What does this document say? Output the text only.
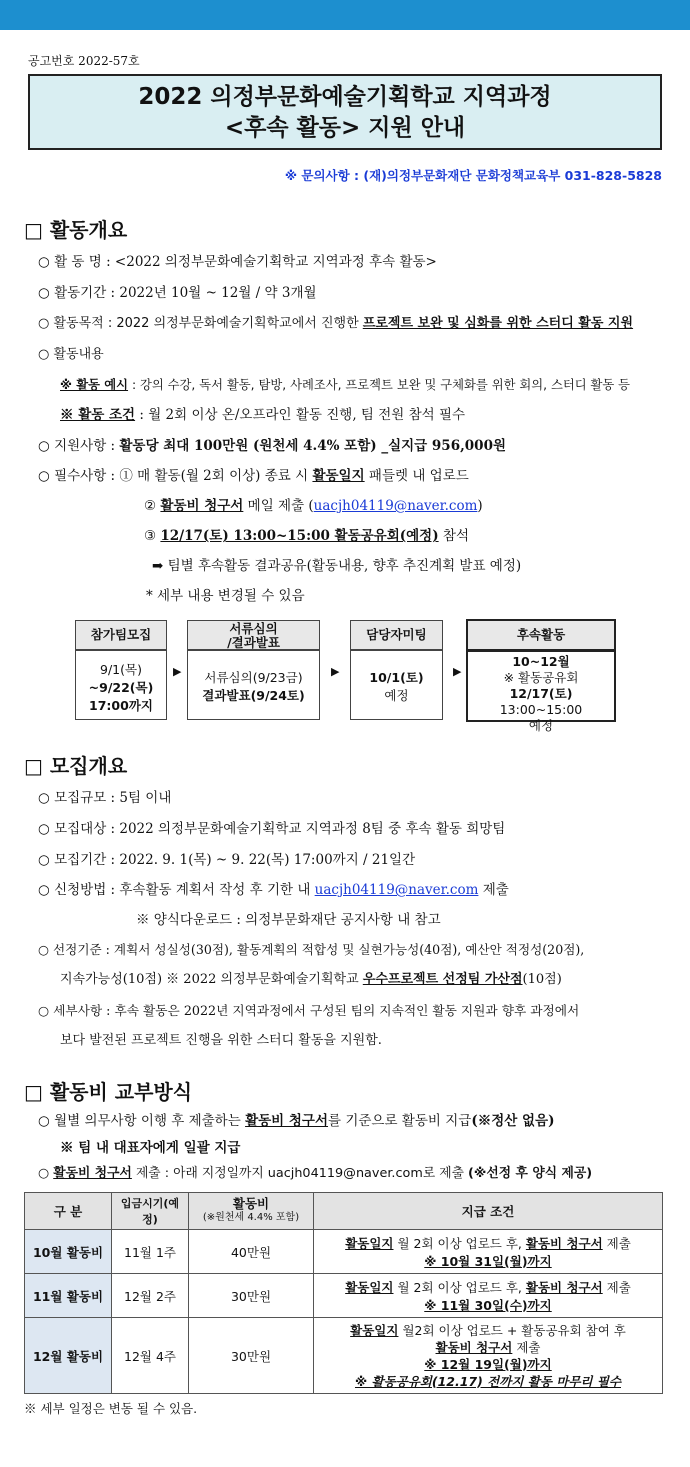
공고번호 2022-57호
2022 의정부문화예술기획학교 지역과정
<후속 활동> 지원 안내
※ 문의사항 : (재)의정부문화재단 문화정책교육부 031-828-5828
□ 활동개요
○ 활 동 명 : <2022 의정부문화예술기획학교 지역과정 후속 활동>
○ 활동기간 : 2022년 10월 ~ 12월 / 약 3개월
○ 활동목적 : 2022 의정부문화예술기획학교에서 진행한 프로젝트 보완 및 심화를 위한 스터디 활동 지원
○ 활동내용
※ 활동 예시 : 강의 수강, 독서 활동, 탐방, 사례조사, 프로젝트 보완 및 구체화를 위한 회의, 스터디 활동 등
※ 활동 조건 : 월 2회 이상 온/오프라인 활동 진행, 팀 전원 참석 필수
○ 지원사항 : 활동당 최대 100만원 (원천세 4.4% 포함) _실지급 956,000원
○ 필수사항 : ① 매 활동(월 2회 이상) 종료 시 활동일지 패들렛 내 업로드
② 활동비 청구서 메일 제출 (uacjh04119@naver.com)
③ 12/17(토) 13:00~15:00 활동공유회(예정) 참석
➡ 팀별 후속활동 결과공유(활동내용, 향후 추진계획 발표 예정)
* 세부 내용 변경될 수 있음
참가팀모집
9/1(목)
~9/22(목)
17:00까지
▶
서류심의
/결과발표
서류심의(9/23금)
결과발표(9/24토)
▶
담당자미팅
10/1(토)
예정
▶
후속활동
10~12월
※ 활동공유회
12/17(토) 13:00~15:00
예정
□ 모집개요
○ 모집규모 : 5팀 이내
○ 모집대상 : 2022 의정부문화예술기획학교 지역과정 8팀 중 후속 활동 희망팀
○ 모집기간 : 2022. 9. 1(목) ~ 9. 22(목) 17:00까지 / 21일간
○ 신청방법 : 후속활동 계획서 작성 후 기한 내 uacjh04119@naver.com 제출
※ 양식다운로드 : 의정부문화재단 공지사항 내 참고
○ 선정기준 : 계획서 성실성(30점), 활동계획의 적합성 및 실현가능성(40점), 예산안 적정성(20점),
지속가능성(10점) ※ 2022 의정부문화예술기획학교 우수프로젝트 선정팀 가산점(10점)
○ 세부사항 : 후속 활동은 2022년 지역과정에서 구성된 팀의 지속적인 활동 지원과 향후 과정에서
보다 발전된 프로젝트 진행을 위한 스터디 활동을 지원함.
□ 활동비 교부방식
○ 월별 의무사항 이행 후 제출하는 활동비 청구서를 기준으로 활동비 지급(※정산 없음)
※ 팀 내 대표자에게 일괄 지급
○ 활동비 청구서 제출 : 아래 지정일까지 uacjh04119@naver.com로 제출 (※선정 후 양식 제공)
구 분	입금시기(예정)	활동비
(※원천세 4.4% 포함)	지급 조건
10월 활동비	11월 1주	40만원	활동일지 월 2회 이상 업로드 후, 활동비 청구서 제출
※ 10월 31일(월)까지

11월 활동비	12월 2주	30만원	활동일지 월 2회 이상 업로드 후, 활동비 청구서 제출
※ 11월 30일(수)까지

12월 활동비	12월 4주	30만원	활동일지 월2회 이상 업로드 + 활동공유회 참여 후
활동비 청구서 제출
※ 12월 19일(월)까지
※ 활동공유회(12.17) 전까지 활동 마무리 필수
※ 세부 일정은 변동 될 수 있음.
